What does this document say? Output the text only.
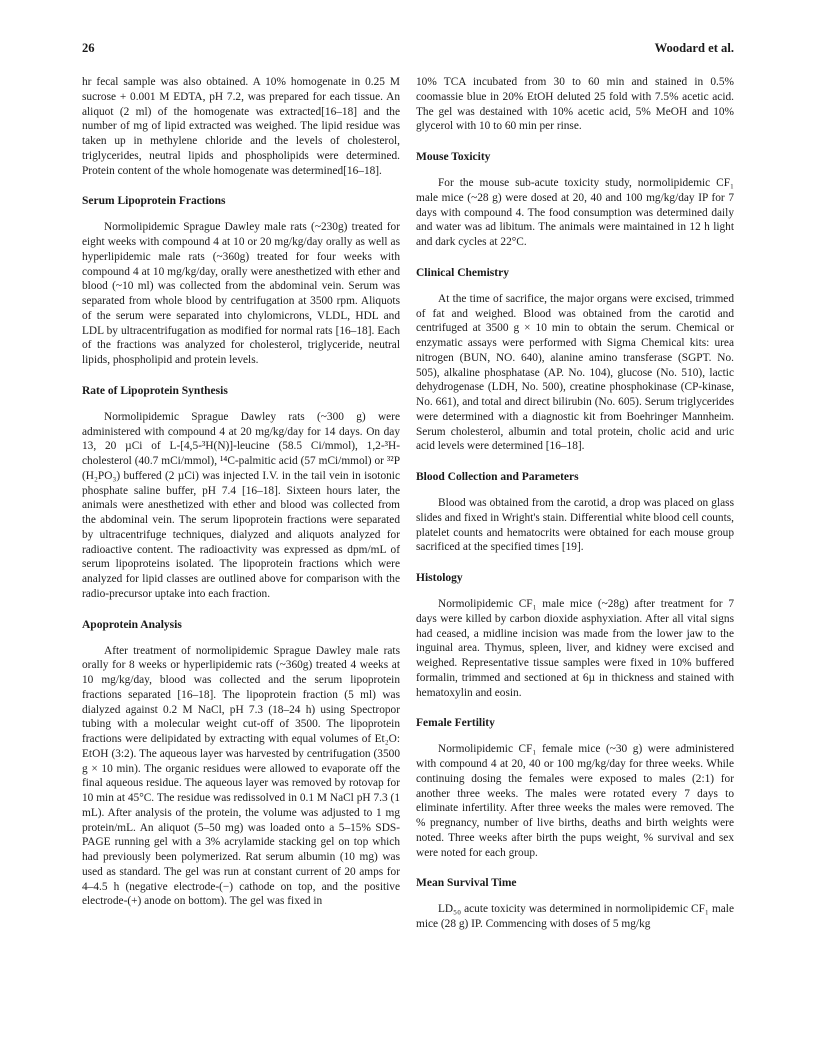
26	Woodard et al.

hr fecal sample was also obtained. A 10% homogenate in 0.25 M sucrose + 0.001 M EDTA, pH 7.2, was prepared for each tissue. An aliquot (2 ml) of the homogenate was extracted[16–18] and the number of mg of lipid extracted was weighed. The lipid residue was taken up in methylene chloride and the levels of cholesterol, triglycerides, neutral lipids and phospholipids were determined. Protein content of the whole homogenate was determined[16–18].

Serum Lipoprotein Fractions

Normolipidemic Sprague Dawley male rats (~230g) treated for eight weeks with compound 4 at 10 or 20 mg/kg/day orally as well as hyperlipidemic male rats (~360g) treated for four weeks with compound 4 at 10 mg/kg/day, orally were anesthetized with ether and blood (~10 ml) was collected from the abdominal vein. Serum was separated from whole blood by centrifugation at 3500 rpm. Aliquots of the serum were separated into chylomicrons, VLDL, HDL and LDL by ultracentrifugation as modified for normal rats [16–18]. Each of the fractions was analyzed for cholesterol, triglyceride, neutral lipids, phospholipid and protein levels.

Rate of Lipoprotein Synthesis

Normolipidemic Sprague Dawley rats (~300 g) were administered with compound 4 at 20 mg/kg/day for 14 days. On day 13, 20 µCi of L-[4,5-³H(N)]-leucine (58.5 Ci/mmol), 1,2-³H-cholesterol (40.7 mCi/mmol), ¹⁴C-palmitic acid (57 mCi/mmol) or ³²P (H₂PO₃) buffered (2 µCi) was injected I.V. in the tail vein in isotonic phosphate saline buffer, pH 7.4 [16–18]. Sixteen hours later, the animals were anesthetized with ether and blood was collected from the abdominal vein. The serum lipoprotein fractions were separated by ultracentrifuge techniques, dialyzed and aliquots analyzed for radioactive content. The radioactivity was expressed as dpm/mL of serum lipoproteins isolated. The lipoprotein fractions which were analyzed for lipid classes are outlined above for comparison with the radio-precursor uptake into each fraction.

Apoprotein Analysis

After treatment of normolipidemic Sprague Dawley male rats orally for 8 weeks or hyperlipidemic rats (~360g) treated 4 weeks at 10 mg/kg/day, blood was collected and the serum lipoprotein fractions separated [16–18]. The lipoprotein fraction (5 ml) was dialyzed against 0.2 M NaCl, pH 7.3 (18–24 h) using Spectropor tubing with a molecular weight cut-off of 3500. The lipoprotein fractions were delipidated by extracting with equal volumes of Et₂O: EtOH (3:2). The aqueous layer was harvested by centrifugation (3500 g × 10 min). The organic residues were allowed to evaporate off the final aqueous residue. The aqueous layer was removed by rotovap for 10 min at 45°C. The residue was redissolved in 0.1 M NaCl pH 7.3 (1 mL). After analysis of the protein, the volume was adjusted to 1 mg protein/mL. An aliquot (5–50 mg) was loaded onto a 5–15% SDS-PAGE running gel with a 3% acrylamide stacking gel on top which had previously been polymerized. Rat serum albumin (10 mg) was used as standard. The gel was run at constant current of 20 amps for 4–4.5 h (negative electrode-(−) cathode on top, and the positive electrode-(+) anode on bottom). The gel was fixed in

10% TCA incubated from 30 to 60 min and stained in 0.5% coomassie blue in 20% EtOH deluted 25 fold with 7.5% acetic acid. The gel was destained with 10% acetic acid, 5% MeOH and 10% glycerol with 10 to 60 min per rinse.

Mouse Toxicity

For the mouse sub-acute toxicity study, normolipidemic CF₁ male mice (~28 g) were dosed at 20, 40 and 100 mg/kg/day IP for 7 days with compound 4. The food consumption was determined daily and water was ad libitum. The animals were maintained in 12 h light and dark cycles at 22°C.

Clinical Chemistry

At the time of sacrifice, the major organs were excised, trimmed of fat and weighed. Blood was obtained from the carotid and centrifuged at 3500 g × 10 min to obtain the serum. Chemical or enzymatic assays were performed with Sigma Chemical kits: urea nitrogen (BUN, NO. 640), alanine amino transferase (SGPT. No. 505), alkaline phosphatase (AP. No. 104), glucose (No. 510), lactic dehydrogenase (LDH, No. 500), creatine phosphokinase (CP-kinase, No. 661), and total and direct bilirubin (No. 605). Serum triglycerides were determined with a diagnostic kit from Boehringer Mannheim. Serum cholesterol, albumin and total protein, cholic acid and uric acid levels were determined [16–18].

Blood Collection and Parameters

Blood was obtained from the carotid, a drop was placed on glass slides and fixed in Wright's stain. Differential white blood cell counts, platelet counts and hematocrits were obtained for each mouse group sacrificed at the specified times [19].

Histology

Normolipidemic CF₁ male mice (~28g) after treatment for 7 days were killed by carbon dioxide asphyxiation. After all vital signs had ceased, a midline incision was made from the lower jaw to the inguinal area. Thymus, spleen, liver, and kidney were excised and weighed. Representative tissue samples were fixed in 10% buffered formalin, trimmed and sectioned at 6µ in thickness and stained with hematoxylin and eosin.

Female Fertility

Normolipidemic CF₁ female mice (~30 g) were administered with compound 4 at 20, 40 or 100 mg/kg/day for three weeks. While continuing dosing the females were exposed to males (2:1) for another three weeks. The males were rotated every 7 days to eliminate infertility. After three weeks the males were removed. The % pregnancy, number of live births, deaths and birth weights were noted. Three weeks after birth the pups weight, % survival and sex were noted for each group.

Mean Survival Time

LD₅₀ acute toxicity was determined in normolipidemic CF₁ male mice (28 g) IP. Commencing with doses of 5 mg/kg
